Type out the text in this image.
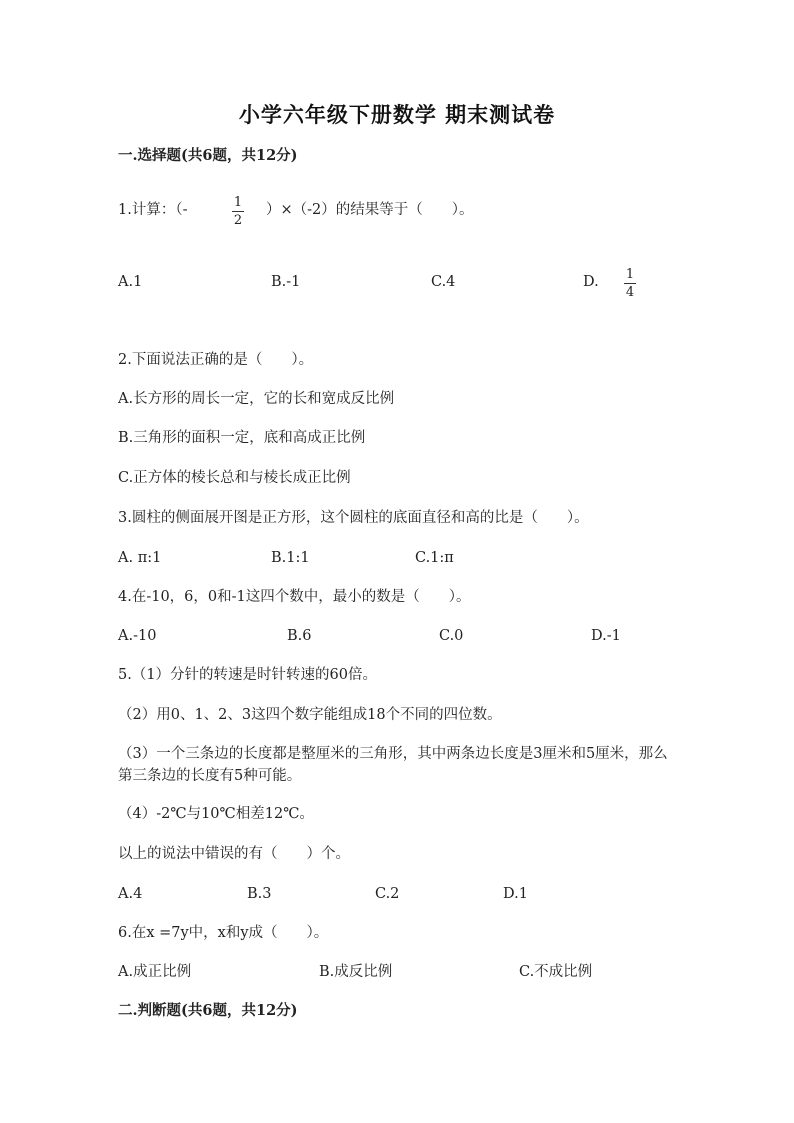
小学六年级下册数学 期末测试卷
一.选择题(共6题，共12分)
1.计算：（-	1
2
）×（-2）的结果等于（　　）。
A.1	B.-1	C.4	D. 1
4
2.下面说法正确的是（　　）。
A.长方形的周长一定，它的长和宽成反比例
B.三角形的面积一定，底和高成正比例
C.正方体的棱长总和与棱长成正比例
3.圆柱的侧面展开图是正方形，这个圆柱的底面直径和高的比是（　　）。
A. π:1	B.1:1	C.1:π
4.在-10，6，0和-1这四个数中，最小的数是（　　）。
A.-10	B.6	C.0	D.-1
5.（1）分针的转速是时针转速的60倍。
（2）用0、1、2、3这四个数字能组成18个不同的四位数。
（3）一个三条边的长度都是整厘米的三角形，其中两条边长度是3厘米和5厘米，那么第三条边的长度有5种可能。
（4）-2℃与10℃相差12℃。
以上的说法中错误的有（　　）个。
A.4	B.3	C.2	D.1
6.在x =7y中，x和y成（　　）。
A.成正比例	B.成反比例	C.不成比例
二.判断题(共6题，共12分)
